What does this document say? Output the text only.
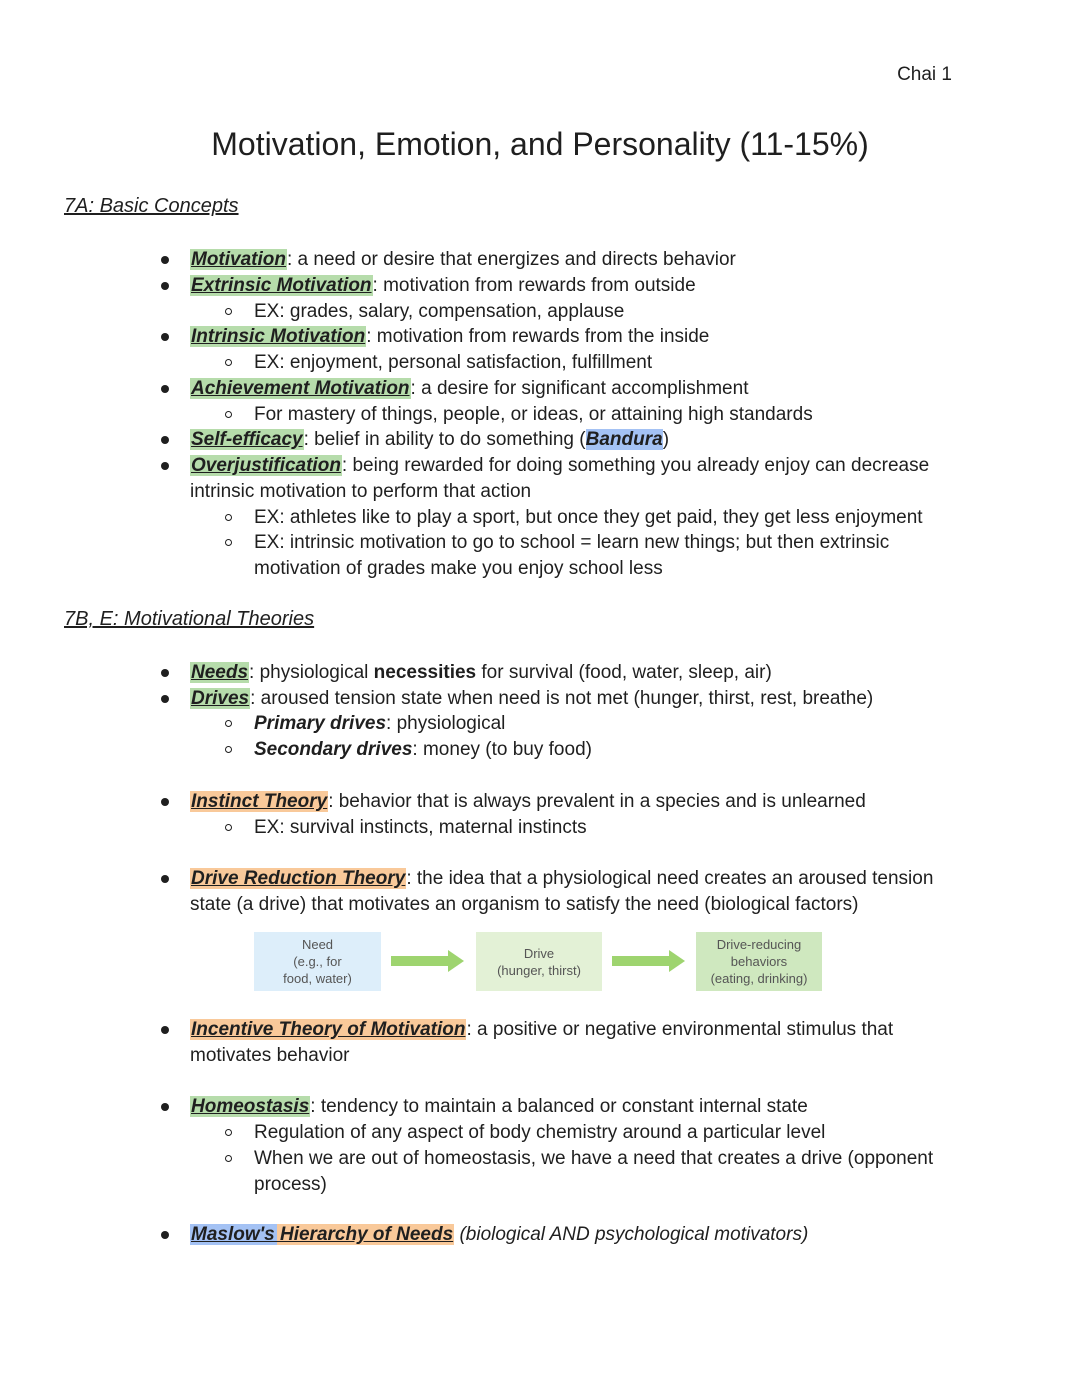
Chai 1
Motivation, Emotion, and Personality (11-15%)
7A: Basic Concepts
Motivation: a need or desire that energizes and directs behavior
Extrinsic Motivation: motivation from rewards from outside
EX: grades, salary, compensation, applause
Intrinsic Motivation: motivation from rewards from the inside
EX: enjoyment, personal satisfaction, fulfillment
Achievement Motivation: a desire for significant accomplishment
For mastery of things, people, or ideas, or attaining high standards
Self-efficacy: belief in ability to do something (Bandura)
Overjustification: being rewarded for doing something you already enjoy can decrease
intrinsic motivation to perform that action
EX: athletes like to play a sport, but once they get paid, they get less enjoyment
EX: intrinsic motivation to go to school = learn new things; but then extrinsic
motivation of grades make you enjoy school less
7B, E: Motivational Theories
Needs: physiological necessities for survival (food, water, sleep, air)
Drives: aroused tension state when need is not met (hunger, thirst, rest, breathe)
Primary drives: physiological
Secondary drives: money (to buy food)
Instinct Theory: behavior that is always prevalent in a species and is unlearned
EX: survival instincts, maternal instincts
Drive Reduction Theory: the idea that a physiological need creates an aroused tension
state (a drive) that motivates an organism to satisfy the need (biological factors)
Need
(e.g., for
food, water)
Drive
(hunger, thirst)
Drive-reducing
behaviors
(eating, drinking)
Incentive Theory of Motivation: a positive or negative environmental stimulus that
motivates behavior
Homeostasis: tendency to maintain a balanced or constant internal state
Regulation of any aspect of body chemistry around a particular level
When we are out of homeostasis, we have a need that creates a drive (opponent
process)
Maslow's Hierarchy of Needs (biological AND psychological motivators)
